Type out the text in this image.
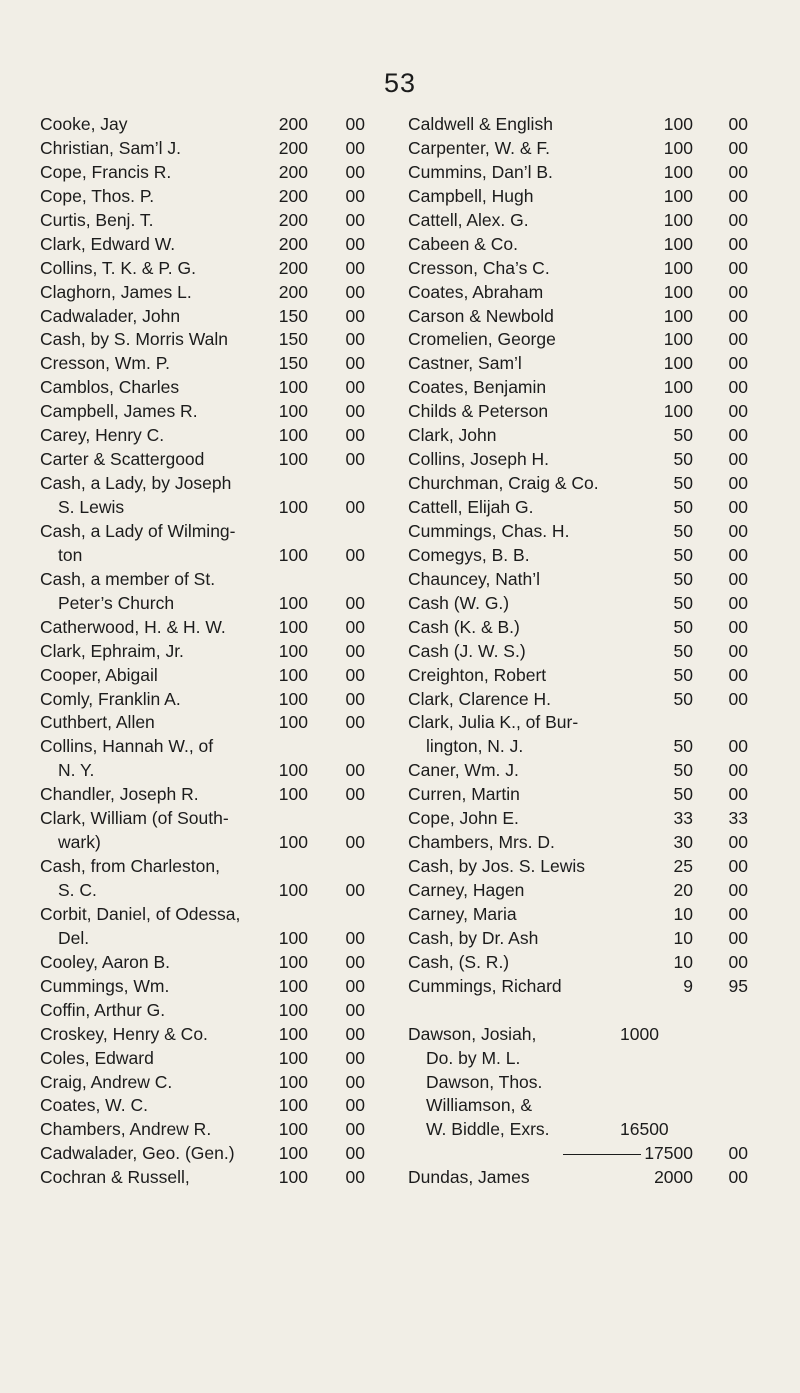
53
Cooke, Jay	200	00
Christian, Sam’l J.	200	00
Cope, Francis R.	200	00
Cope, Thos. P.	200	00
Curtis, Benj. T.	200	00
Clark, Edward W.	200	00
Collins, T. K. & P. G.	200	00
Claghorn, James L.	200	00
Cadwalader, John	150	00
Cash, by S. Morris Waln	150	00
Cresson, Wm. P.	150	00
Camblos, Charles	100	00
Campbell, James R.	100	00
Carey, Henry C.	100	00
Carter & Scattergood	100	00
Cash, a Lady, by Joseph
S. Lewis	100	00
Cash, a Lady of Wilming-
ton	100	00
Cash, a member of St.
Peter’s Church	100	00
Catherwood, H. & H. W.	100	00
Clark, Ephraim, Jr.	100	00
Cooper, Abigail	100	00
Comly, Franklin A.	100	00
Cuthbert, Allen	100	00
Collins, Hannah W., of
N. Y.	100	00
Chandler, Joseph R.	100	00
Clark, William (of South-
wark)	100	00
Cash, from Charleston,
S. C.	100	00
Corbit, Daniel, of Odessa,
Del.	100	00
Cooley, Aaron B.	100	00
Cummings, Wm.	100	00
Coffin, Arthur G.	100	00
Croskey, Henry & Co.	100	00
Coles, Edward	100	00
Craig, Andrew C.	100	00
Coates, W. C.	100	00
Chambers, Andrew R.	100	00
Cadwalader, Geo. (Gen.)	100	00
Cochran & Russell,	100	00
Caldwell & English	100	00
Carpenter, W. & F.	100	00
Cummins, Dan’l B.	100	00
Campbell, Hugh	100	00
Cattell, Alex. G.	100	00
Cabeen & Co.	100	00
Cresson, Cha’s C.	100	00
Coates, Abraham	100	00
Carson & Newbold	100	00
Cromelien, George	100	00
Castner, Sam’l	100	00
Coates, Benjamin	100	00
Childs & Peterson	100	00
Clark, John	50	00
Collins, Joseph H.	50	00
Churchman, Craig & Co.	50	00
Cattell, Elijah G.	50	00
Cummings, Chas. H.	50	00
Comegys, B. B.	50	00
Chauncey, Nath’l	50	00
Cash (W. G.)	50	00
Cash (K. & B.)	50	00
Cash (J. W. S.)	50	00
Creighton, Robert	50	00
Clark, Clarence H.	50	00
Clark, Julia K., of Bur-
lington, N. J.	50	00
Caner, Wm. J.	50	00
Curren, Martin	50	00
Cope, John E.	33	33
Chambers, Mrs. D.	30	00
Cash, by Jos. S. Lewis	25	00
Carney, Hagen	20	00
Carney, Maria	10	00
Cash, by Dr. Ash	10	00
Cash, (S. R.)	10	00
Cummings, Richard	9	95
Dawson, Josiah,	1000
Do. by M. L.
Dawson, Thos.
Williamson, &
W. Biddle, Exrs.	16500
17500	00
Dundas, James	2000	00
